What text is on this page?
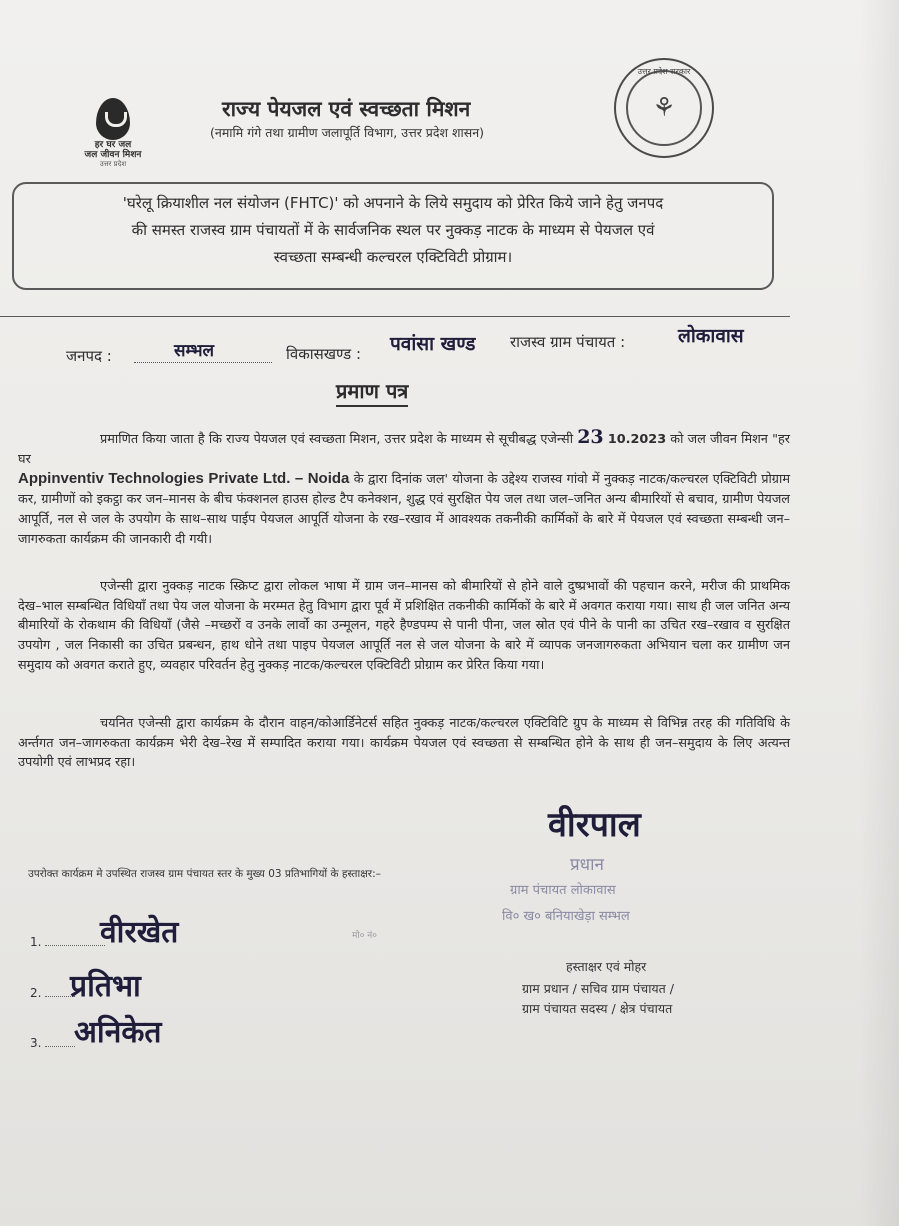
हर घर जल
जल जीवन मिशन
उत्तर प्रदेश
उत्तर प्रदेश सरकार
⚘
राज्य पेयजल एवं स्वच्छता मिशन
(नमामि गंगे तथा ग्रामीण जलापूर्ति विभाग, उत्तर प्रदेश शासन)
'घरेलू क्रियाशील नल संयोजन (FHTC)' को अपनाने के लिये समुदाय को प्रेरित किये जाने हेतु जनपद
की समस्त राजस्व ग्राम पंचायतों में के सार्वजनिक स्थल पर नुक्कड़ नाटक के माध्यम से पेयजल एवं
स्वच्छता सम्बन्धी कल्चरल एक्टिविटी प्रोग्राम।
जनपद :	सम्भल	विकासखण्ड : पवांसा खण्ड राजस्व ग्राम पंचायत :	लोकावास
प्रमाण पत्र

प्रमाणित किया जाता है कि राज्य पेयजल एवं स्वच्छता मिशन, उत्तर प्रदेश के माध्यम से सूचीबद्ध एजेन्सी 23 10.2023 को जल जीवन मिशन "हर घर

Appinventiv Technologies Private Ltd. – Noida के द्वारा दिनांक जल' योजना के उद्देश्य राजस्व गांवो में नुक्कड़ नाटक/कल्चरल एक्टिविटी प्रोग्राम कर, ग्रामीणों को इकट्ठा कर जन–मानस के बीच फंक्शनल हाउस होल्ड टैप कनेक्शन, शुद्ध एवं सुरक्षित पेय जल तथा जल–जनित अन्य बीमारियों से बचाव, ग्रामीण पेयजल आपूर्ति, नल से जल के उपयोग के साथ–साथ पाईप पेयजल आपूर्ति योजना के रख–रखाव में आवश्यक तकनीकी कार्मिकों के बारे में पेयजल एवं स्वच्छता सम्बन्धी जन–जागरुकता कार्यक्रम की जानकारी दी गयी।

एजेन्सी द्वारा नुक्कड़ नाटक स्क्रिप्ट द्वारा लोकल भाषा में ग्राम जन–मानस को बीमारियों से होने वाले दुष्प्रभावों की पहचान करने, मरीज की प्राथमिक देख–भाल सम्बन्धित विधियाँ तथा पेय जल योजना के मरम्मत हेतु विभाग द्वारा पूर्व में प्रशिक्षित तकनीकी कार्मिकों के बारे में अवगत कराया गया। साथ ही जल जनित अन्य बीमारियों के रोकथाम की विधियाँ (जैसे –मच्छरों व उनके लार्वो का उन्मूलन, गहरे हैण्डपम्प से पानी पीना, जल स्रोत एवं पीने के पानी का उचित रख–रखाव व सुरक्षित उपयोग , जल निकासी का उचित प्रबन्धन, हाथ धोने तथा पाइप पेयजल आपूर्ति नल से जल योजना के बारे में व्यापक जनजागरुकता अभियान चला कर ग्रामीण जन समुदाय को अवगत कराते हुए, व्यवहार परिवर्तन हेतु नुक्कड़ नाटक/कल्चरल एक्टिविटी प्रोग्राम कर प्रेरित किया गया।

चयनित एजेन्सी द्वारा कार्यक्रम के दौरान वाहन/कोआर्डिनेटर्स सहित नुक्कड़ नाटक/कल्चरल एक्टिविटि ग्रुप के माध्यम से विभिन्न तरह की गतिविधि के अर्न्तगत जन–जागरुकता कार्यक्रम भेरी देख–रेख में सम्पादित कराया गया। कार्यक्रम पेयजल एवं स्वच्छता से सम्बन्धित होने के साथ ही जन–समुदाय के लिए अत्यन्त उपयोगी एवं लाभप्रद रहा।

वीरपाल
प्रधान
ग्राम पंचायत लोकावास
वि० ख० बनियाखेड़ा सम्भल
उपरोक्त कार्यक्रम मे उपस्थित राजस्व ग्राम पंचायत स्तर के मुख्य 03 प्रतिभागियों के हस्ताक्षर:–
1.	वीरखेत	मो० नं०
2. प्रतिभा
3.	अनिकेत
हस्ताक्षर एवं मोहर
ग्राम प्रधान / सचिव ग्राम पंचायत /
ग्राम पंचायत सदस्य / क्षेत्र पंचायत
